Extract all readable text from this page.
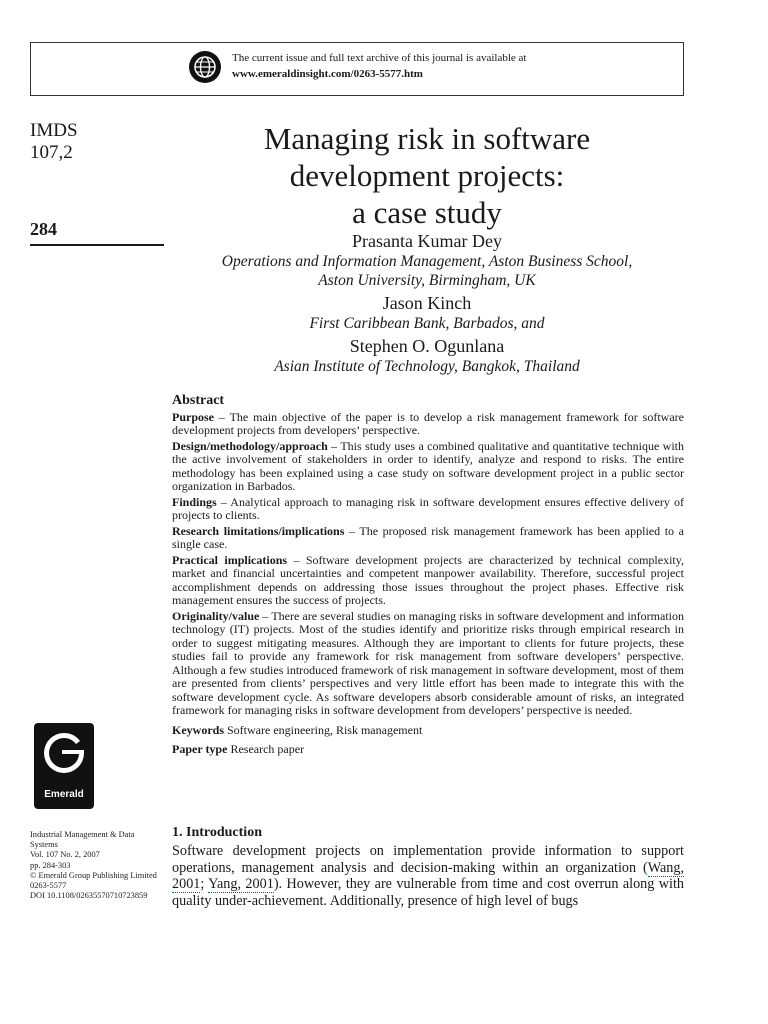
The current issue and full text archive of this journal is available at
www.emeraldinsight.com/0263-5577.htm
IMDS
107,2
284
Managing risk in software
development projects:
a case study
Prasanta Kumar Dey
Operations and Information Management, Aston Business School,
Aston University, Birmingham, UK
Jason Kinch
First Caribbean Bank, Barbados, and
Stephen O. Ogunlana
Asian Institute of Technology, Bangkok, Thailand
Abstract
Purpose – The main objective of the paper is to develop a risk management framework for software development projects from developers’ perspective.
Design/methodology/approach – This study uses a combined qualitative and quantitative technique with the active involvement of stakeholders in order to identify, analyze and respond to risks. The entire methodology has been explained using a case study on software development project in a public sector organization in Barbados.
Findings – Analytical approach to managing risk in software development ensures effective delivery of projects to clients.
Research limitations/implications – The proposed risk management framework has been applied to a single case.
Practical implications – Software development projects are characterized by technical complexity, market and financial uncertainties and competent manpower availability. Therefore, successful project accomplishment depends on addressing those issues throughout the project phases. Effective risk management ensures the success of projects.
Originality/value – There are several studies on managing risks in software development and information technology (IT) projects. Most of the studies identify and prioritize risks through empirical research in order to suggest mitigating measures. Although they are important to clients for future projects, these studies fail to provide any framework for risk management from software developers’ perspective. Although a few studies introduced framework of risk management in software development, most of them are presented from clients’ perspectives and very little effort has been made to integrate this with the software development cycle. As software developers absorb considerable amount of risks, an integrated framework for managing risks in software development from developers’ perspective is needed.
Keywords Software engineering, Risk management
Paper type Research paper
Emerald
Industrial Management & Data
Systems
Vol. 107 No. 2, 2007
pp. 284-303
© Emerald Group Publishing Limited
0263-5577
DOI 10.1108/02635570710723859
1. Introduction
Software development projects on implementation provide information to support operations, management analysis and decision-making within an organization (Wang, 2001; Yang, 2001). However, they are vulnerable from time and cost overrun along with quality under-achievement. Additionally, presence of high level of bugs
